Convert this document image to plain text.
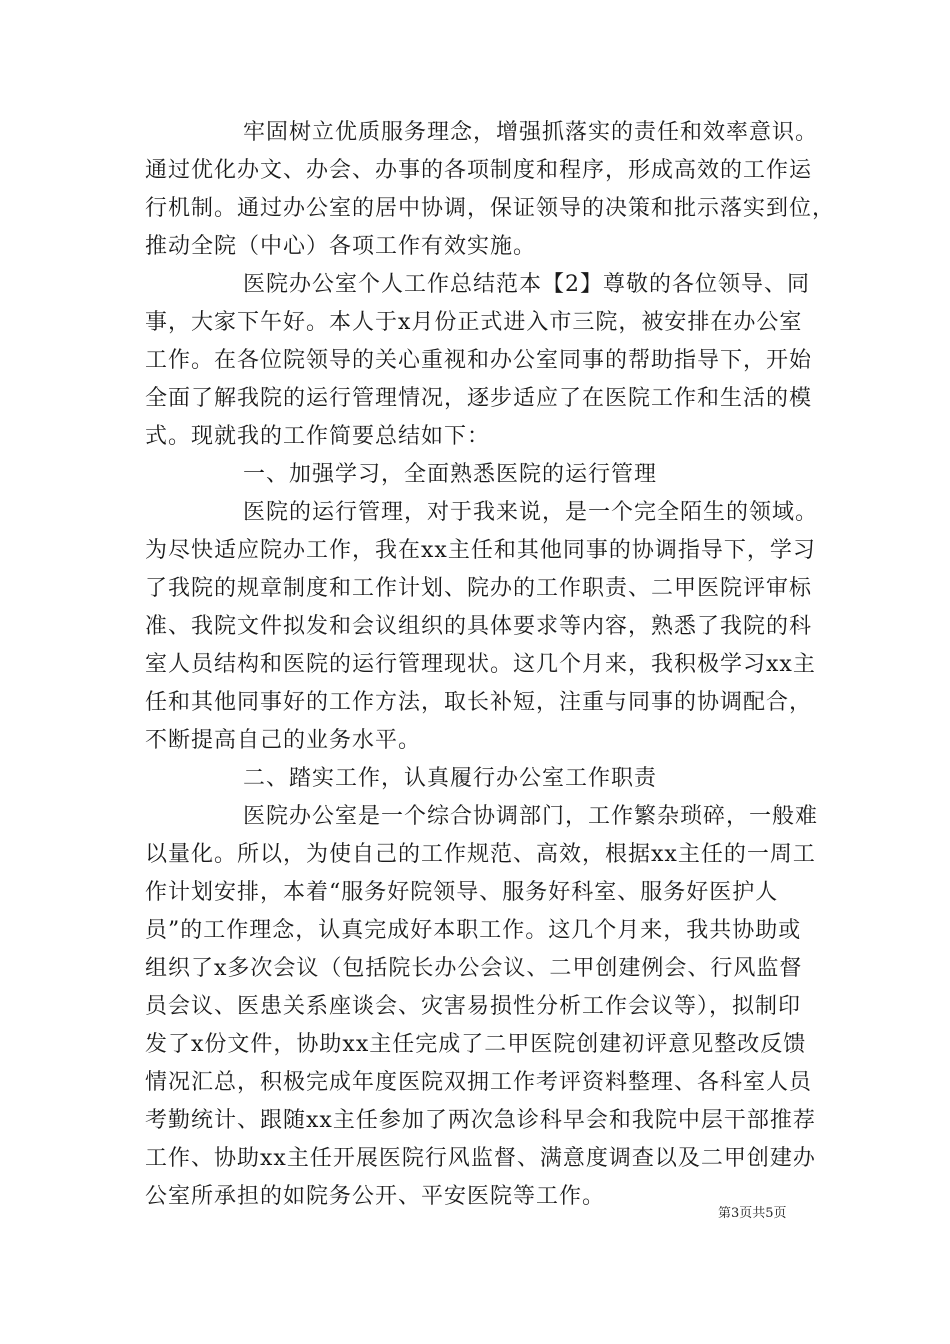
牢固树立优质服务理念，增强抓落实的责任和效率意识。
通过优化办文、办会、办事的各项制度和程序，形成高效的工作运
行机制。通过办公室的居中协调，保证领导的决策和批示落实到位，
推动全院（中心）各项工作有效实施。
医院办公室个人工作总结范本【2】尊敬的各位领导、同
事，大家下午好。本人于x月份正式进入市三院，被安排在办公室
工作。在各位院领导的关心重视和办公室同事的帮助指导下，开始
全面了解我院的运行管理情况，逐步适应了在医院工作和生活的模
式。现就我的工作简要总结如下：
一、加强学习，全面熟悉医院的运行管理
医院的运行管理，对于我来说，是一个完全陌生的领域。
为尽快适应院办工作，我在xx主任和其他同事的协调指导下，学习
了我院的规章制度和工作计划、院办的工作职责、二甲医院评审标
准、我院文件拟发和会议组织的具体要求等内容，熟悉了我院的科
室人员结构和医院的运行管理现状。这几个月来，我积极学习xx主
任和其他同事好的工作方法，取长补短，注重与同事的协调配合，
不断提高自己的业务水平。
二、踏实工作，认真履行办公室工作职责
医院办公室是一个综合协调部门，工作繁杂琐碎，一般难
以量化。所以，为使自己的工作规范、高效，根据xx主任的一周工
作计划安排，本着“服务好院领导、服务好科室、服务好医护人
员”的工作理念，认真完成好本职工作。这几个月来，我共协助或
组织了x多次会议（包括院长办公会议、二甲创建例会、行风监督
员会议、医患关系座谈会、灾害易损性分析工作会议等），拟制印
发了x份文件，协助xx主任完成了二甲医院创建初评意见整改反馈
情况汇总，积极完成年度医院双拥工作考评资料整理、各科室人员
考勤统计、跟随xx主任参加了两次急诊科早会和我院中层干部推荐
工作、协助xx主任开展医院行风监督、满意度调查以及二甲创建办
公室所承担的如院务公开、平安医院等工作。
第3页共5页
